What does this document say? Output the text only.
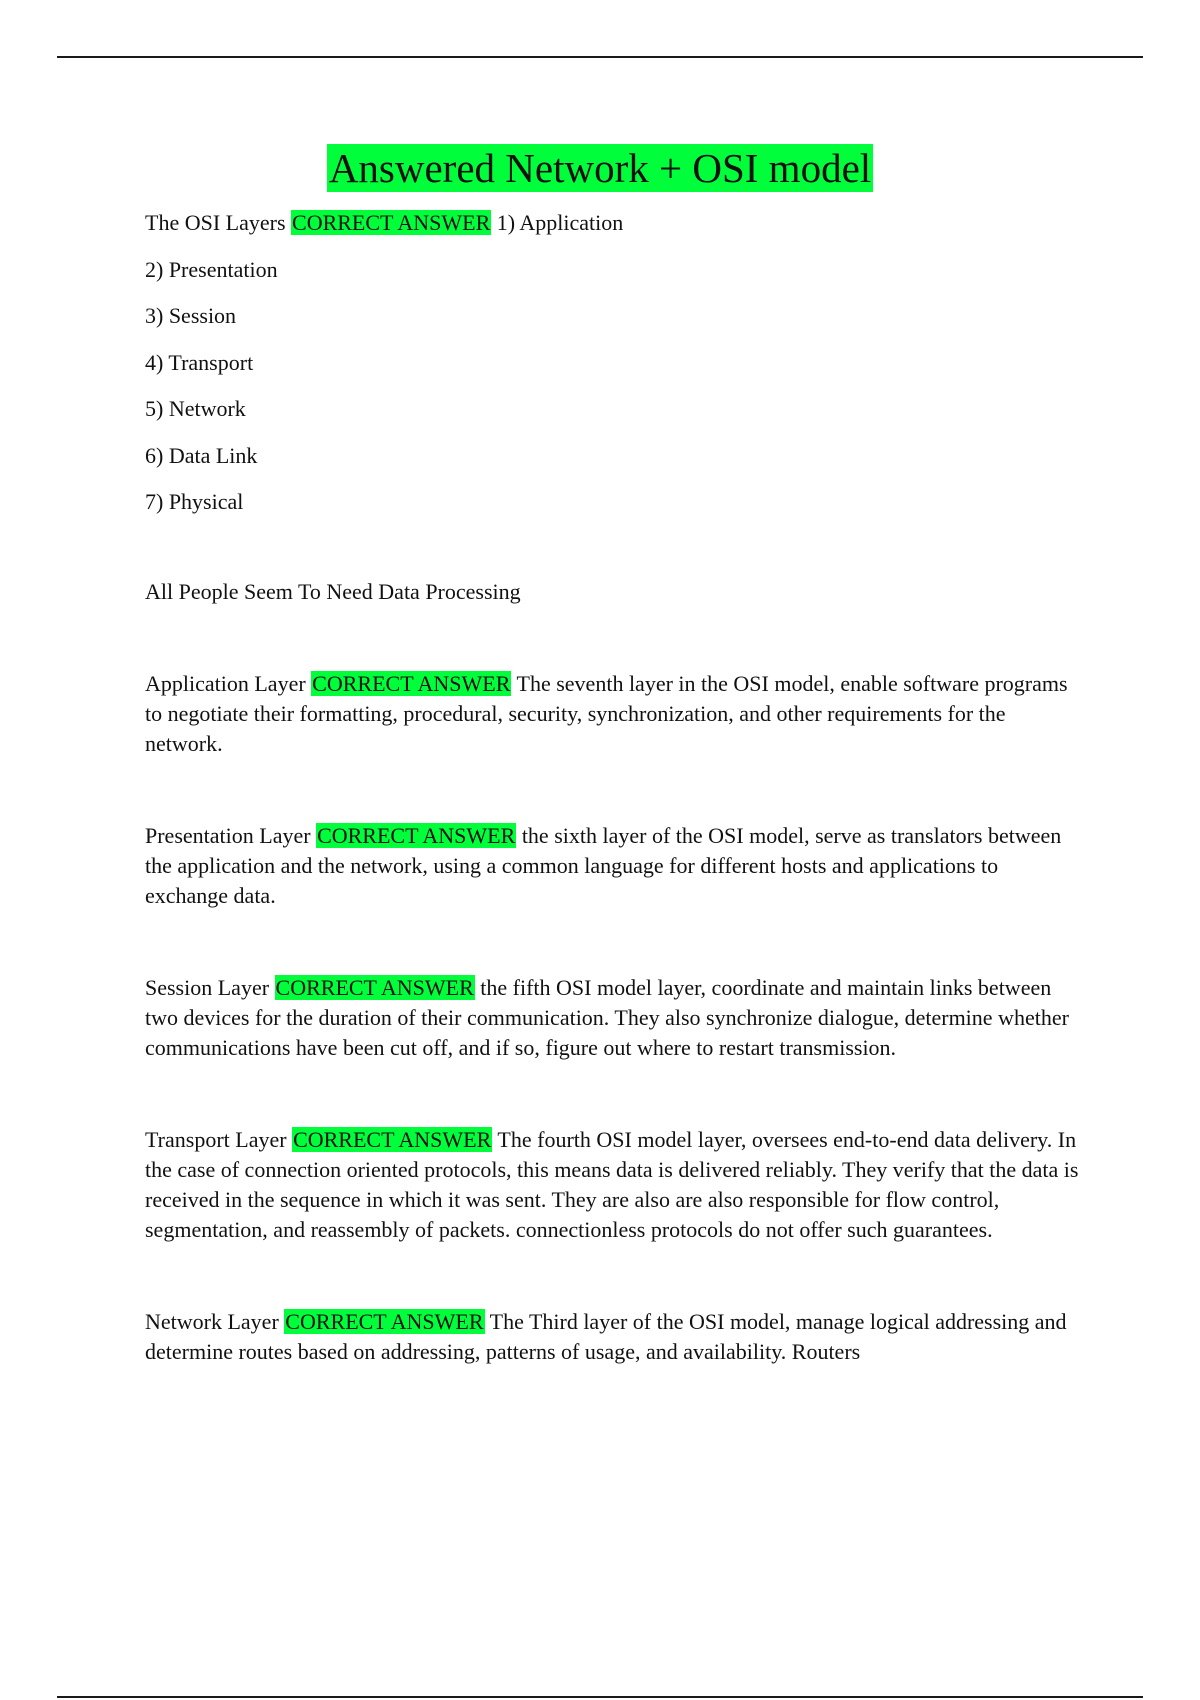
Answered Network + OSI model
The OSI Layers CORRECT ANSWER 1) Application
2) Presentation
3) Session
4) Transport
5) Network
6) Data Link
7) Physical
All People Seem To Need Data Processing

Application Layer CORRECT ANSWER The seventh layer in the OSI model, enable software programs to negotiate their formatting, procedural, security, synchronization, and other requirements for the network.

Presentation Layer CORRECT ANSWER the sixth layer of the OSI model, serve as translators between the application and the network, using a common language for different hosts and applications to exchange data.

Session Layer CORRECT ANSWER the fifth OSI model layer, coordinate and maintain links between two devices for the duration of their communication. They also synchronize dialogue, determine whether communications have been cut off, and if so, figure out where to restart transmission.

Transport Layer CORRECT ANSWER The fourth OSI model layer, oversees end-to-end data delivery. In the case of connection oriented protocols, this means data is delivered reliably. They verify that the data is received in the sequence in which it was sent. They are also are also responsible for flow control, segmentation, and reassembly of packets. connectionless protocols do not offer such guarantees.

Network Layer CORRECT ANSWER The Third layer of the OSI model, manage logical addressing and determine routes based on addressing, patterns of usage, and availability. Routers
